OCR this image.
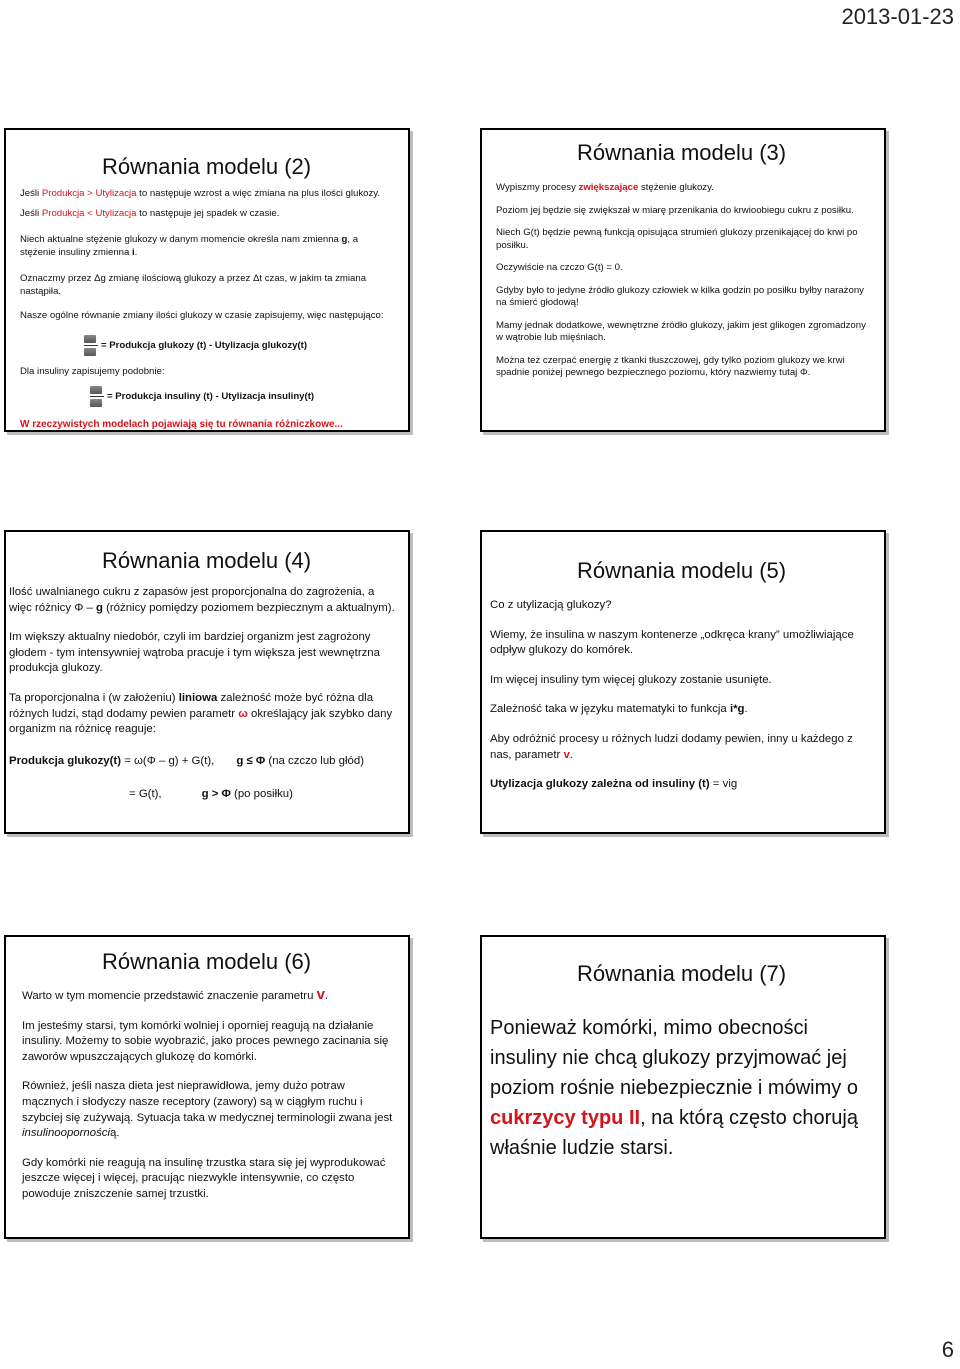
2013-01-23
Równania modelu (2)

Jeśli Produkcja > Utylizacja to następuje wzrost a więc zmiana na plus ilości glukozy.

Jeśli Produkcja < Utylizacja to następuje jej spadek w czasie.

Niech aktualne stężenie glukozy w danym momencie określa nam zmienna g, a stężenie insuliny zmienna i.

Oznaczmy przez Δg zmianę ilościową glukozy a przez Δt czas, w jakim ta zmiana nastąpiła.

Nasze ogólne równanie zmiany ilości glukozy w czasie zapisujemy, więc następująco:

= Produkcja glukozy (t) - Utylizacja glukozy(t)

Dla insuliny zapisujemy podobnie:

= Produkcja insuliny (t) - Utylizacja insuliny(t)

W rzeczywistych modelach pojawiają się tu równania różniczkowe...

Równania modelu (3)

Wypiszmy procesy zwiększające stężenie glukozy.

Poziom jej będzie się zwiększał w miarę przenikania do krwioobiegu cukru z posiłku.

Niech G(t) będzie pewną funkcją opisująca strumień glukozy przenikającej do krwi po posiłku.

Oczywiście na czczo G(t) = 0.

Gdyby było to jedyne źródło glukozy człowiek w kilka godzin po posiłku byłby narażony na śmierć głodową!

Mamy jednak dodatkowe, wewnętrzne źródło glukozy, jakim jest glikogen zgromadzony w wątrobie lub mięśniach.

Można też czerpać energię z tkanki tłuszczowej, gdy tylko poziom glukozy we krwi spadnie poniżej pewnego bezpiecznego poziomu, który nazwiemy tutaj Φ.

Równania modelu (4)

Ilość uwalnianego cukru z zapasów jest proporcjonalna do zagrożenia, a więc różnicy Φ – g (różnicy pomiędzy poziomem bezpiecznym a aktualnym).

Im większy aktualny niedobór, czyli im bardziej organizm jest zagrożony głodem - tym intensywniej wątroba pracuje i tym większa jest wewnętrzna produkcja glukozy.

Ta proporcjonalna i (w założeniu) liniowa zależność może być różna dla różnych ludzi, stąd dodamy pewien parametr ω określający jak szybko dany organizm na różnicę reaguje:

Produkcja glukozy(t) = ω(Φ – g) + G(t), g ≤ Φ (na czczo lub głód)

= G(t),	g > Φ (po posiłku)

Równania modelu (5)

Co z utylizacją glukozy?

Wiemy, że insulina w naszym kontenerze „odkręca krany” umożliwiające odpływ glukozy do komórek.

Im więcej insuliny tym więcej glukozy zostanie usunięte.

Zależność taka w języku matematyki to funkcja i*g.

Aby odróżnić procesy u różnych ludzi dodamy pewien, inny u każdego z nas, parametr v.

Utylizacja glukozy zależna od insuliny (t) = vig

Równania modelu (6)

Warto w tym momencie przedstawić znaczenie parametru v.

Im jesteśmy starsi, tym komórki wolniej i oporniej reagują na działanie insuliny. Możemy to sobie wyobrazić, jako proces pewnego zacinania się zaworów wpuszczających glukozę do komórki.

Również, jeśli nasza dieta jest nieprawidłowa, jemy dużo potraw mącznych i słodyczy nasze receptory (zawory) są w ciągłym ruchu i szybciej się zużywają. Sytuacja taka w medycznej terminologii zwana jest insulinoopornością.

Gdy komórki nie reagują na insulinę trzustka stara się jej wyprodukować jeszcze więcej i więcej, pracując niezwykle intensywnie, co często powoduje zniszczenie samej trzustki.

Równania modelu (7)

Ponieważ komórki, mimo obecności insuliny nie chcą glukozy przyjmować jej poziom rośnie niebezpiecznie i mówimy o cukrzycy typu II, na którą często chorują właśnie ludzie starsi.

6
